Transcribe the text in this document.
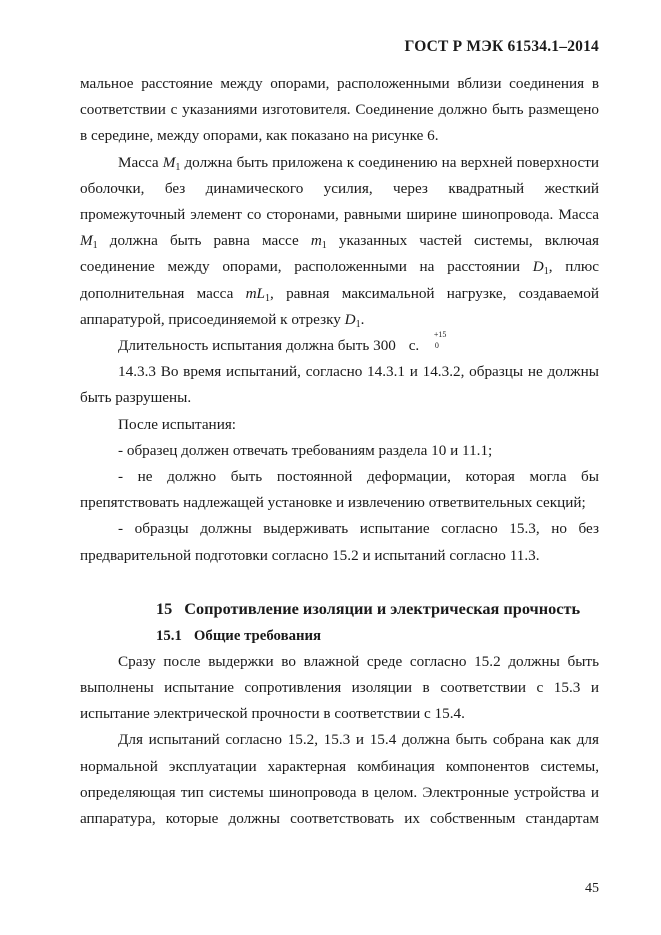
ГОСТ Р МЭК 61534.1–2014

мальное расстояние между опорами, расположенными вблизи соединения в соответствии с указаниями изготовителя. Соединение должно быть размещено в середине, между опорами, как показано на рисунке 6.

Масса $M_1$ должна быть приложена к соединению на верхней поверхности оболочки, без динамического усилия, через квадратный жесткий промежуточный элемент со сторонами, равными ширине шинопровода. Масса $M_1$ должна быть равна массе $m_1$ указанных частей системы, включая соединение между опорами, расположенными на расстоянии $D_1$, плюс дополнительная масса $mL_1$, равная максимальной нагрузке, создаваемой аппаратурой, присоединяемой к отрезку $D_1$.

Длительность испытания должна быть 300
+15
0
с.

14.3.3 Во время испытаний, согласно 14.3.1 и 14.3.2, образцы не должны быть разрушены.

После испытания:

- образец должен отвечать требованиям раздела 10 и 11.1;

- не должно быть постоянной деформации, которая могла бы препятствовать надлежащей установке и извлечению ответвительных секций;

- образцы должны выдерживать испытание согласно 15.3, но без предварительной подготовки согласно 15.2 и испытаний согласно 11.3.

15 Сопротивление изоляции и электрическая прочность

15.1 Общие требования

Сразу после выдержки во влажной среде согласно 15.2 должны быть выполнены испытание сопротивления изоляции в соответствии с 15.3 и испытание электрической прочности в соответствии с 15.4.

Для испытаний согласно 15.2, 15.3 и 15.4 должна быть собрана как для нормальной эксплуатации характерная комбинация компонентов системы, определяющая тип системы шинопровода в целом. Электронные устройства и аппаратура, которые должны соответствовать их собственным стандартам

45
